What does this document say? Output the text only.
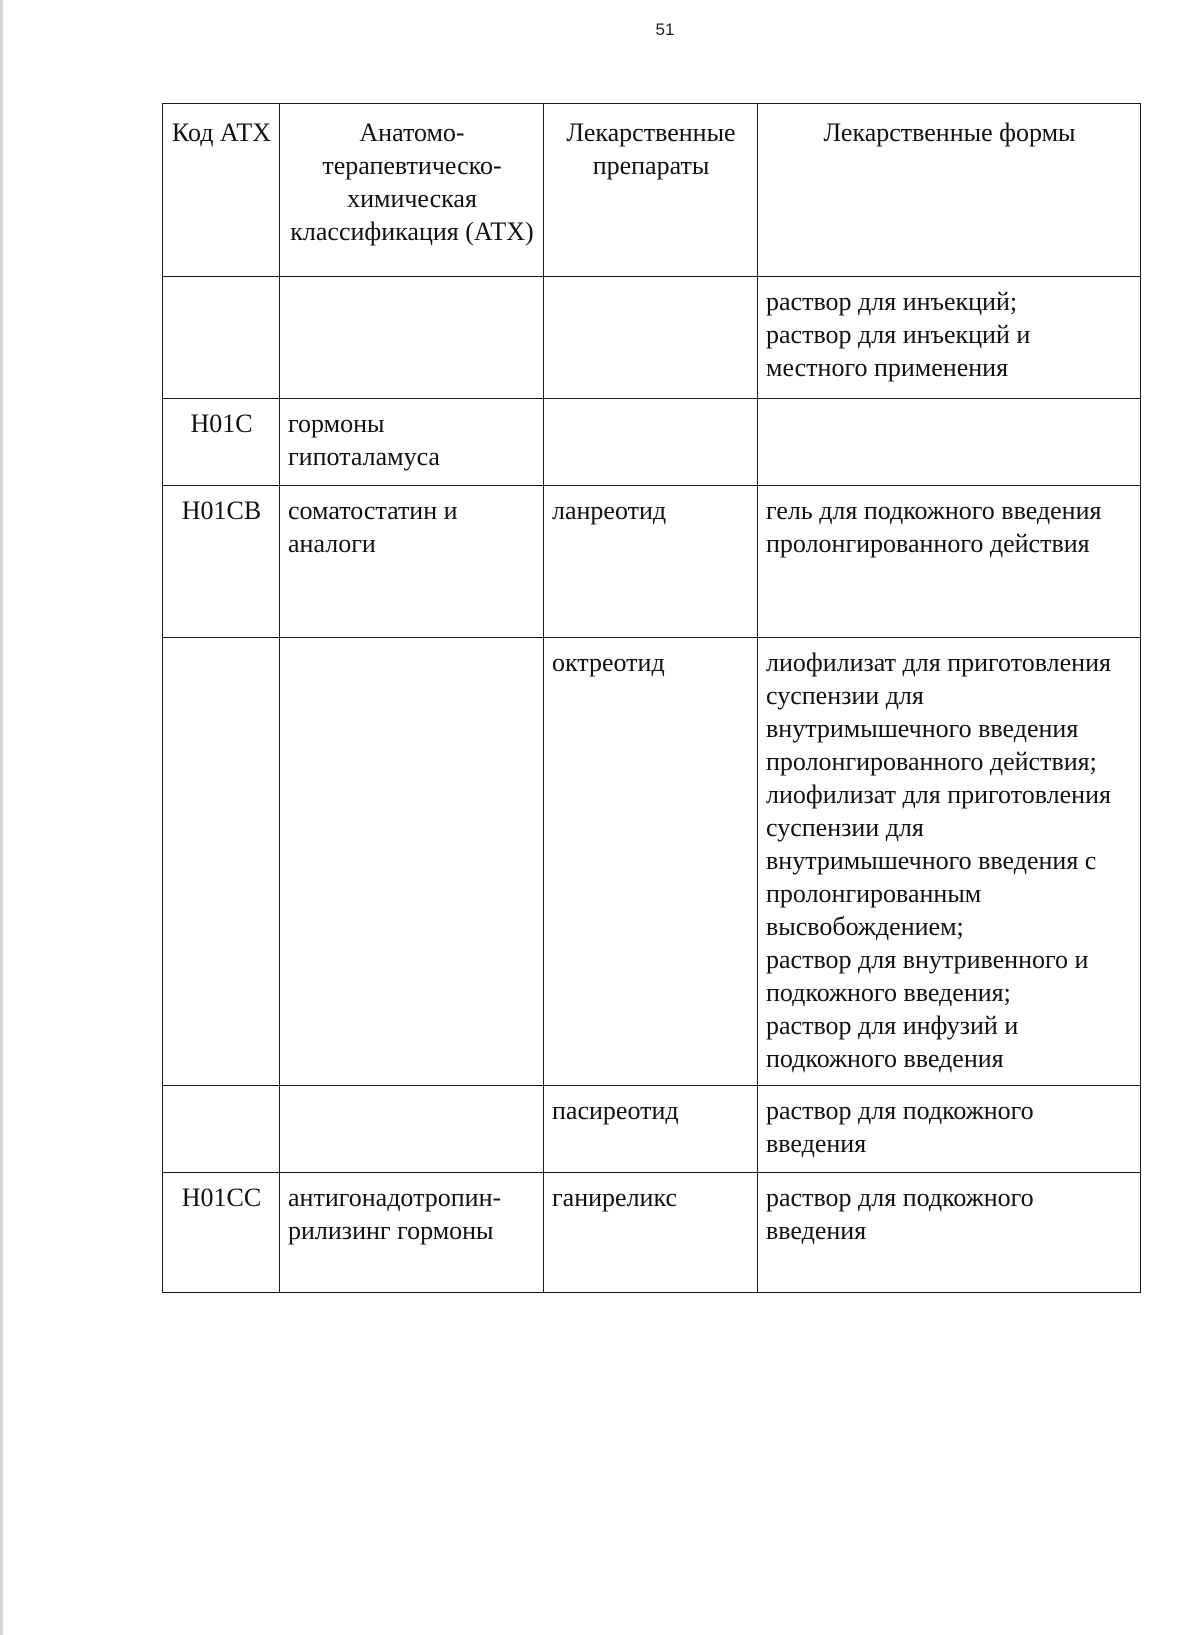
51
Код АТХ	Анатомо-терапевтическо-химическая классификация (АТХ)	Лекарственные препараты	Лекарственные формы

			раствор для инъекций;
раствор для инъекций и местного применения

H01C	гормоны гипоталамуса		
H01CB	соматостатин и аналоги	ланреотид	гель для подкожного введения пролонгированного действия

		октреотид	лиофилизат для приготовления суспензии для внутримышечного введения пролонгированного действия;
лиофилизат для приготовления суспензии для внутримышечного введения с пролонгированным высвобождением;
раствор для внутривенного и подкожного введения;
раствор для инфузий и подкожного введения

		пасиреотид	раствор для подкожного введения

H01CC	антигонадотропин-рилизинг гормоны	ганиреликс	раствор для подкожного введения
